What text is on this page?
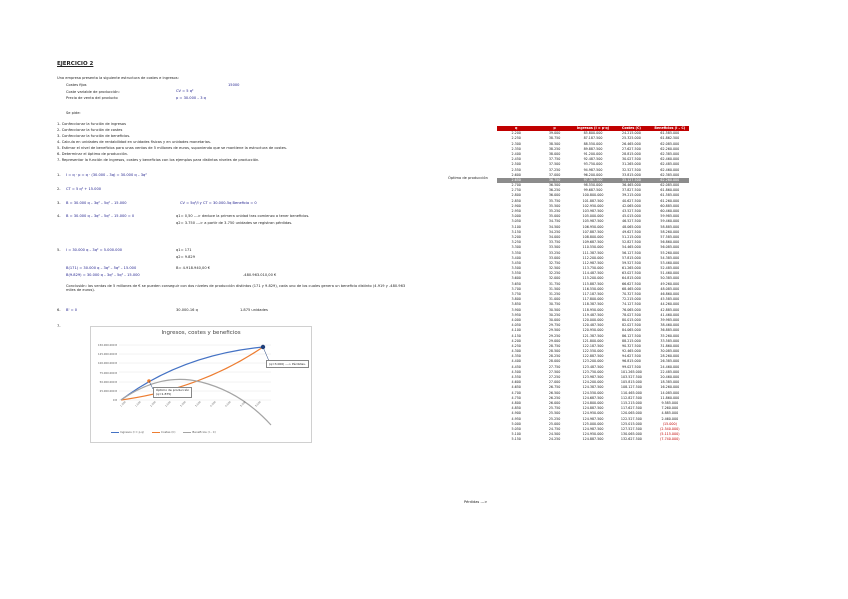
EJERCICIO 2
Una empresa presenta la siguiente estructura de costes e ingresos:
Costes fijos	15000
Coste variable de producción:	CV = 5 q²
Precio de venta del producto	p = 30.000 – 3 q
Se pide:
1- Confeccionar la función de ingresos
2- Confeccionar la función de costes
3- Confeccionar la función de beneficios.
4- Calcula en unidades de rentabilidad en unidades físicas y en unidades monetarias.
5- Estimar el nivel de beneficios para unas ventas de 5 millones de euros, suponiendo que se mantiene la estructura de costes.
6- Determinar el óptimo de producción.
7- Representar la función de ingresos, costes y beneficios con los ejemplos para distintos niveles de producción.
1- I = q · p = q · (30.000 – 3q) = 30.000 q – 3q²
2- CT = 5 q² + 15.000
3- B = 30.000 q – 3q² – 5q² – 15.000	CV = 5q²/I y CT = 30.000-5q Beneficio = 0
4- B = 30.000 q – 3q² – 5q² – 15.000 = 0	q1= 0,50 ---> deduce la primera unidad tras comienzo a tener beneficios.
q2= 3.750 ---> a partir de 3.750 unidades se registran pérdidas.
5- I = 30.000 q – 3q² = 5.000.000	q1= 171
q2= 9.829
B(171) = 30.000 q – 3q² – 5q² – 15.000	B= 4.918.940,00 €
B(9.829) = 30.000 q – 3q² – 5q² – 15.000	-480.963.010,00 €
Conclusión: las ventas de 5 millones de € se pueden conseguir con dos niveles de producción distintos (171 y 9.829), cada uno de los cuales genera un beneficio distinto (4.919 y -480.963 miles de euros).
6- B' = 0	30.000-16 q	1.875 unidades
7-
Ingresos, costes y beneficios
150.000.000 €
125.000.000 €
100.000.000 €
75.000.000 €
50.000.000 €
25.000.000 €
0 €
1.000	1.500	2.000	2.500	3.000	3.500	4.000	4.500	5.000	5.500
Óptimo de producción
(q=1.875)
(q=3.000) ---> Pérdidas.
Ingresos (I = p·q)	Costes (C)	Beneficios (I – C)
Óptimo de producción
Pérdidas --->
q	p	Ingresos (I = p·q)	Costes (C)	Beneficios (I – C)
2.200	39.000	85.800.000	24.215.000	61.585.000
2.250	38.750	87.187.500	25.325.000	61.862.500
2.300	38.500	88.550.000	26.465.000	62.085.000
2.350	38.250	89.887.500	27.627.500	62.260.000
2.400	38.000	91.200.000	28.815.000	62.385.000
2.450	37.750	92.487.500	30.027.500	62.460.000
2.500	37.500	93.750.000	31.265.000	62.485.000
2.550	37.250	94.987.500	32.527.500	62.460.000
2.600	37.000	96.200.000	33.815.000	62.385.000
2.650	36.750	97.387.500	35.127.500	62.260.000
2.700	36.500	98.550.000	36.465.000	62.085.000
2.750	36.250	99.687.500	37.827.500	61.860.000
2.800	36.000	100.800.000	39.215.000	61.585.000
2.850	35.750	101.887.500	40.627.500	61.260.000
2.900	35.500	102.950.000	42.065.000	60.885.000
2.950	35.250	103.987.500	43.527.500	60.460.000
3.000	35.000	105.000.000	45.015.000	59.985.000
3.050	34.750	105.987.500	46.527.500	59.460.000
3.100	34.500	106.950.000	48.065.000	58.885.000
3.150	34.250	107.887.500	49.627.500	58.260.000
3.200	34.000	108.800.000	51.215.000	57.585.000
3.250	33.750	109.687.500	52.827.500	56.860.000
3.300	33.500	110.550.000	54.465.000	56.085.000
3.350	33.250	111.387.500	56.127.500	55.260.000
3.400	33.000	112.200.000	57.815.000	54.385.000
3.450	32.750	112.987.500	59.527.500	53.460.000
3.500	32.500	113.750.000	61.265.000	52.485.000
3.550	32.250	114.487.500	63.027.500	51.460.000
3.600	32.000	115.200.000	64.815.000	50.385.000
3.650	31.750	115.887.500	66.627.500	49.260.000
3.700	31.500	116.550.000	68.465.000	48.085.000
3.750	31.250	117.187.500	70.327.500	46.860.000
3.800	31.000	117.800.000	72.215.000	45.585.000
3.850	30.750	118.387.500	74.127.500	44.260.000
3.900	30.500	118.950.000	76.065.000	42.885.000
3.950	30.250	119.487.500	78.027.500	41.460.000
4.000	30.000	120.000.000	80.015.000	39.985.000
4.050	29.750	120.487.500	82.027.500	38.460.000
4.100	29.500	120.950.000	84.065.000	36.885.000
4.150	29.250	121.387.500	86.127.500	35.260.000
4.200	29.000	121.800.000	88.215.000	33.585.000
4.250	28.750	122.187.500	90.327.500	31.860.000
4.300	28.500	122.550.000	92.465.000	30.085.000
4.350	28.250	122.887.500	94.627.500	28.260.000
4.400	28.000	123.200.000	96.815.000	26.385.000
4.450	27.750	123.487.500	99.027.500	24.460.000
4.500	27.500	123.750.000	101.265.000	22.485.000
4.550	27.250	123.987.500	103.527.500	20.460.000
4.600	27.000	124.200.000	105.815.000	18.385.000
4.650	26.750	124.387.500	108.127.500	16.260.000
4.700	26.500	124.550.000	110.465.000	14.085.000
4.750	26.250	124.687.500	112.827.500	11.860.000
4.800	26.000	124.800.000	115.215.000	9.585.000
4.850	25.750	124.887.500	117.627.500	7.260.000
4.900	25.500	124.950.000	120.065.000	4.885.000
4.950	25.250	124.987.500	122.527.500	2.460.000
5.000	25.000	125.000.000	125.015.000	(15.000)
5.050	24.750	124.987.500	127.527.500	(2.540.000)
5.100	24.500	124.950.000	130.065.000	(5.115.000)
5.150	24.250	124.887.500	132.627.500	(7.740.000)
